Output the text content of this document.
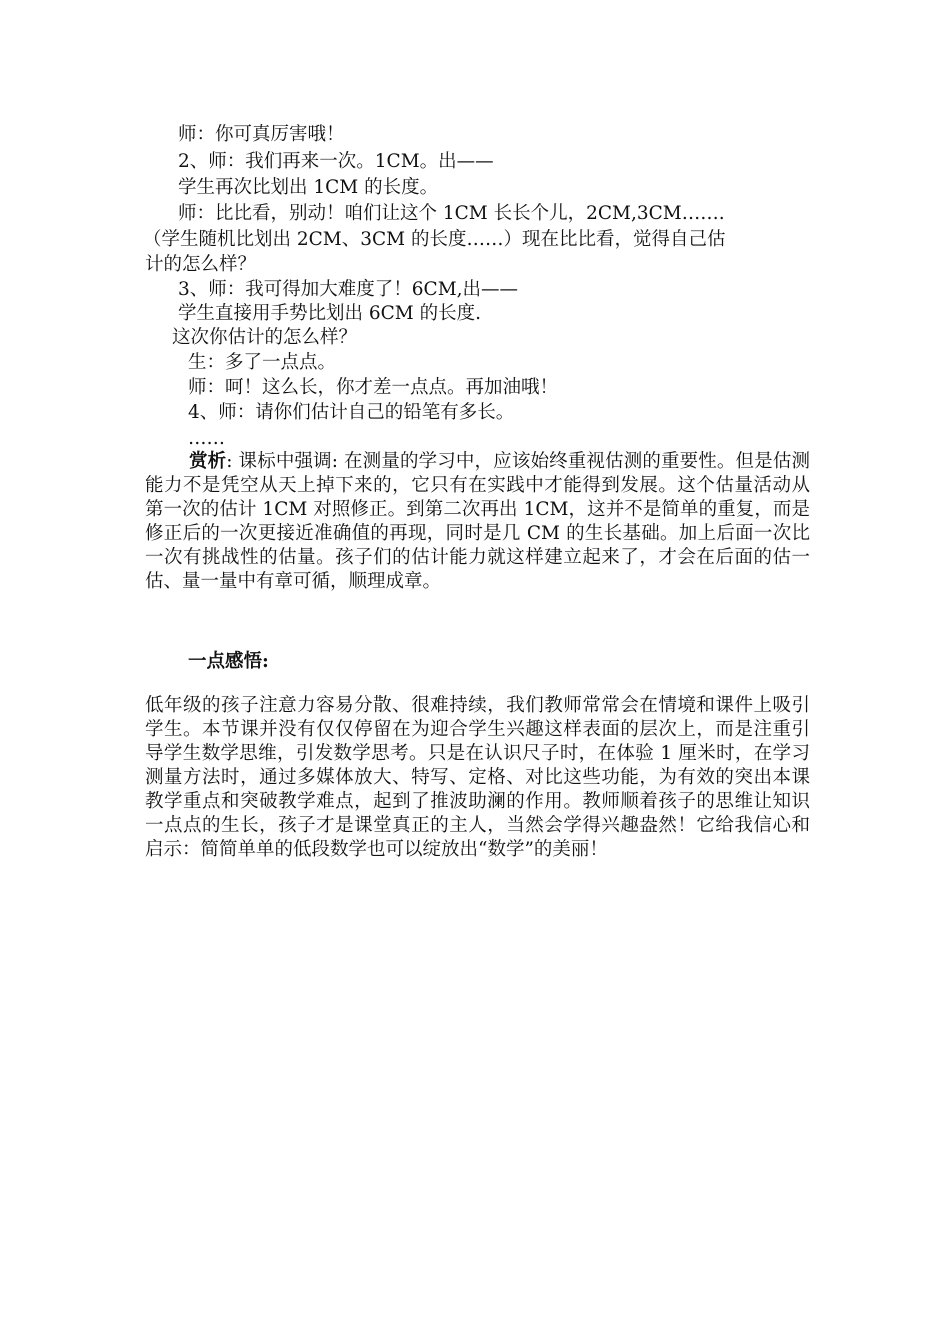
师：你可真厉害哦！
2、师：我们再来一次。1CM。出——
学生再次比划出 1CM 的长度。
师：比比看，别动！咱们让这个 1CM 长长个儿，2CM,3CM…….
（学生随机比划出 2CM、3CM 的长度……）现在比比看，觉得自己估
计的怎么样？
3、师：我可得加大难度了！6CM,出——
学生直接用手势比划出 6CM 的长度.
这次你估计的怎么样？
生：多了一点点。
师：呵！这么长，你才差一点点。再加油哦！
4、师：请你们估计自己的铅笔有多长。
……
赏析: 课标中强调: 在测量的学习中，应该始终重视估测的重要性。但是估测能力不是凭空从天上掉下来的，它只有在实践中才能得到发展。这个估量活动从第一次的估计 1CM 对照修正。到第二次再出 1CM，这并不是简单的重复，而是修正后的一次更接近准确值的再现，同时是几 CM 的生长基础。加上后面一次比一次有挑战性的估量。孩子们的估计能力就这样建立起来了，才会在后面的估一估、量一量中有章可循，顺理成章。
一点感悟:
低年级的孩子注意力容易分散、很难持续，我们教师常常会在情境和课件上吸引学生。本节课并没有仅仅停留在为迎合学生兴趣这样表面的层次上，而是注重引导学生数学思维，引发数学思考。只是在认识尺子时，在体验 1 厘米时，在学习测量方法时，通过多媒体放大、特写、定格、对比这些功能，为有效的突出本课教学重点和突破教学难点，起到了推波助澜的作用。教师顺着孩子的思维让知识一点点的生长，孩子才是课堂真正的主人，当然会学得兴趣盎然！它给我信心和启示：简简单单的低段数学也可以绽放出“数学”的美丽！
